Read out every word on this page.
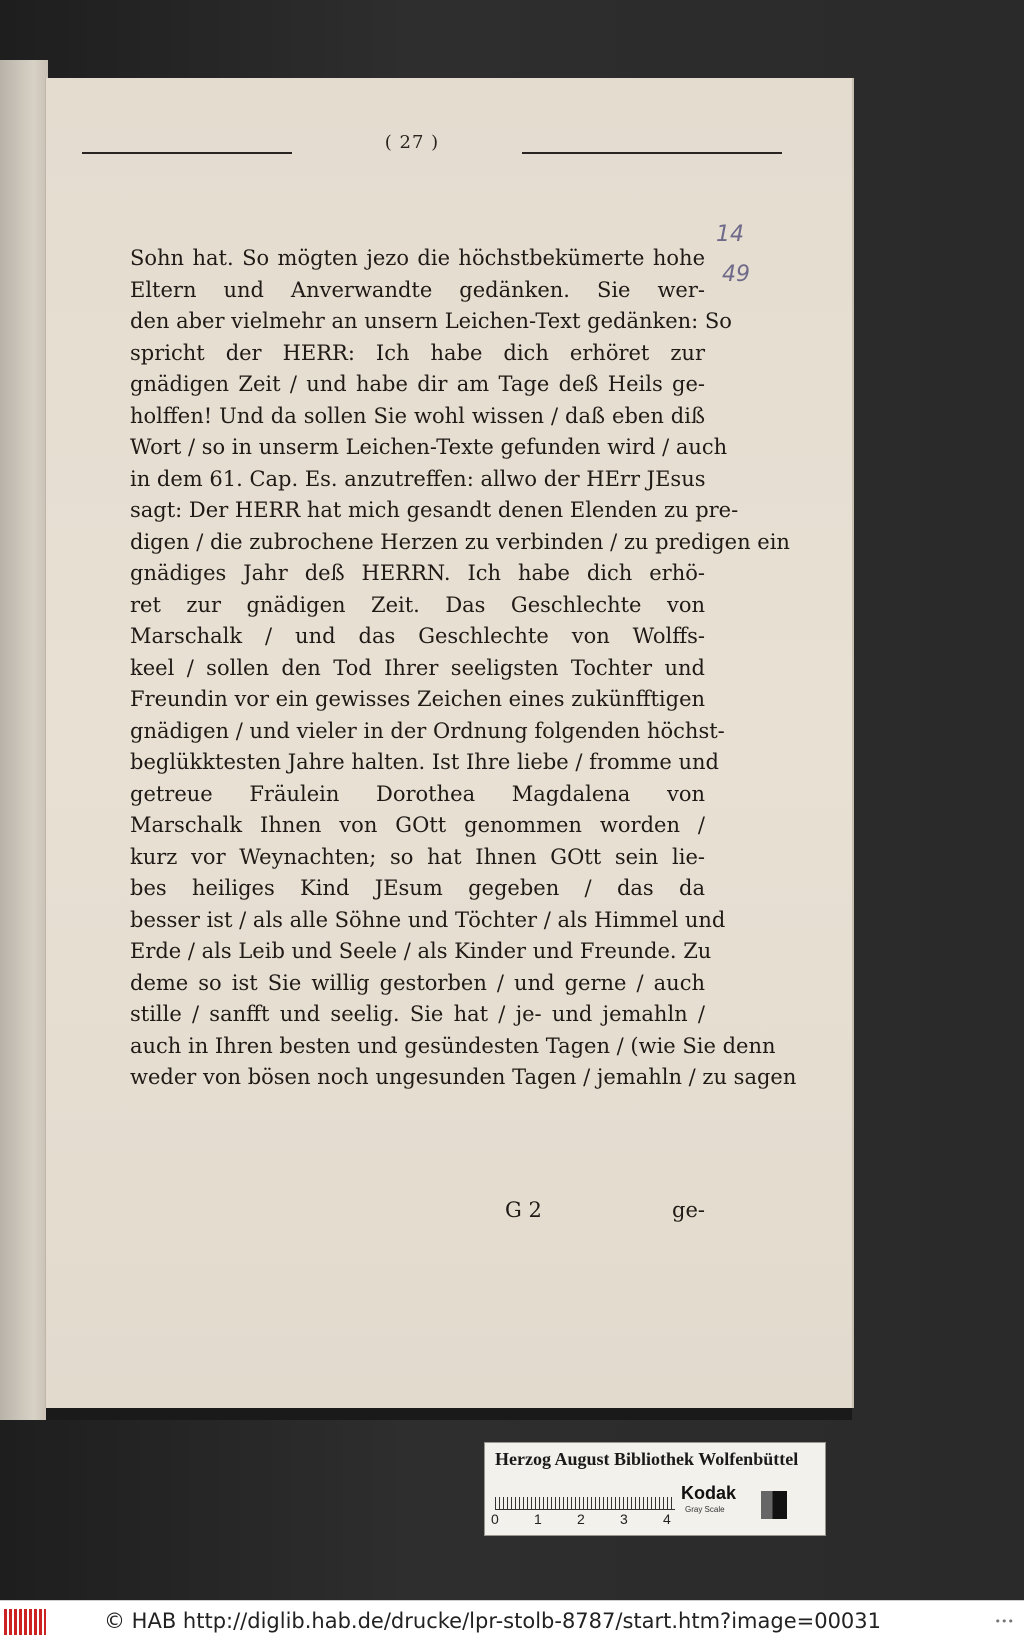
( 27 )
14
49
Sohn hat. So mögten jezo die höchstbekümerte hohe
Eltern und Anverwandte gedänken. Sie wer-
den aber vielmehr an unsern Leichen-Text gedänken: So
spricht der HERR: Ich habe dich erhöret zur
gnädigen Zeit / und habe dir am Tage deß Heils ge-
holffen! Und da sollen Sie wohl wissen / daß eben diß
Wort / so in unserm Leichen-Texte gefunden wird / auch
in dem 61. Cap. Es. anzutreffen: allwo der HErr JEsus
sagt: Der HERR hat mich gesandt denen Elenden zu pre-
digen / die zubrochene Herzen zu verbinden / zu predigen ein
gnädiges Jahr deß HERRN. Ich habe dich erhö-
ret zur gnädigen Zeit. Das Geschlechte von
Marschalk / und das Geschlechte von Wolffs-
keel / sollen den Tod Ihrer seeligsten Tochter und
Freundin vor ein gewisses Zeichen eines zukünfftigen
gnädigen / und vieler in der Ordnung folgenden höchst-
beglükktesten Jahre halten. Ist Ihre liebe / fromme und
getreue Fräulein Dorothea Magdalena von
Marschalk Ihnen von GOtt genommen worden /
kurz vor Weynachten; so hat Ihnen GOtt sein lie-
bes heiliges Kind JEsum gegeben / das da
besser ist / als alle Söhne und Töchter / als Himmel und
Erde / als Leib und Seele / als Kinder und Freunde. Zu
deme so ist Sie willig gestorben / und gerne / auch
stille / sanfft und seelig. Sie hat / je- und jemahln /
auch in Ihren besten und gesündesten Tagen / (wie Sie denn
weder von bösen noch ungesunden Tagen / jemahln / zu sagen
G 2	ge-
Herzog August Bibliothek Wolfenbüttel
0	1	2	3	4
Kodak
Gray Scale
© HAB http://diglib.hab.de/drucke/lpr-stolb-8787/start.htm?image=00031	•••
